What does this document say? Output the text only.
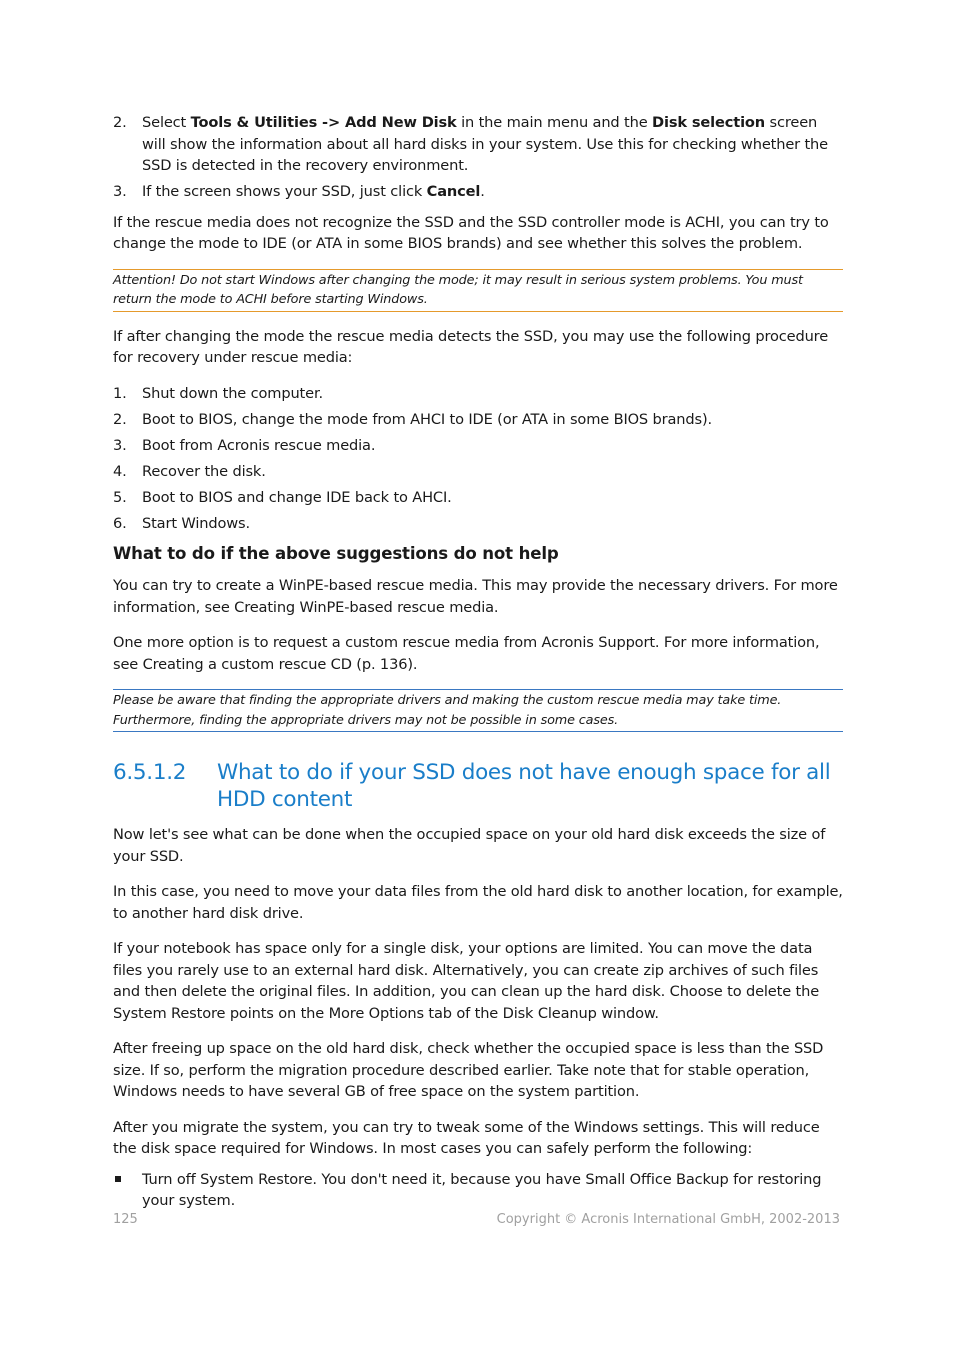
2. Select Tools & Utilities -> Add New Disk in the main menu and the Disk selection screen will show the information about all hard disks in your system. Use this for checking whether the SSD is detected in the recovery environment.
3. If the screen shows your SSD, just click Cancel.

If the rescue media does not recognize the SSD and the SSD controller mode is ACHI, you can try to change the mode to IDE (or ATA in some BIOS brands) and see whether this solves the problem.

Attention! Do not start Windows after changing the mode; it may result in serious system problems. You must return the mode to ACHI before starting Windows.

If after changing the mode the rescue media detects the SSD, you may use the following procedure for recovery under rescue media:

1. Shut down the computer.
2. Boot to BIOS, change the mode from AHCI to IDE (or ATA in some BIOS brands).
3. Boot from Acronis rescue media.
4. Recover the disk.
5. Boot to BIOS and change IDE back to AHCI.
6. Start Windows.
What to do if the above suggestions do not help

You can try to create a WinPE-based rescue media. This may provide the necessary drivers. For more information, see Creating WinPE-based rescue media.

One more option is to request a custom rescue media from Acronis Support. For more information, see Creating a custom rescue CD (p. 136).

Please be aware that finding the appropriate drivers and making the custom rescue media may take time. Furthermore, finding the appropriate drivers may not be possible in some cases.
6.5.1.2	What to do if your SSD does not have enough space for all HDD content

Now let's see what can be done when the occupied space on your old hard disk exceeds the size of your SSD.

In this case, you need to move your data files from the old hard disk to another location, for example, to another hard disk drive.

If your notebook has space only for a single disk, your options are limited. You can move the data files you rarely use to an external hard disk. Alternatively, you can create zip archives of such files and then delete the original files. In addition, you can clean up the hard disk. Choose to delete the System Restore points on the More Options tab of the Disk Cleanup window.

After freeing up space on the old hard disk, check whether the occupied space is less than the SSD size. If so, perform the migration procedure described earlier. Take note that for stable operation, Windows needs to have several GB of free space on the system partition.

After you migrate the system, you can try to tweak some of the Windows settings. This will reduce the disk space required for Windows. In most cases you can safely perform the following:

Turn off System Restore. You don't need it, because you have Small Office Backup for restoring your system.
125	Copyright © Acronis International GmbH, 2002-2013
